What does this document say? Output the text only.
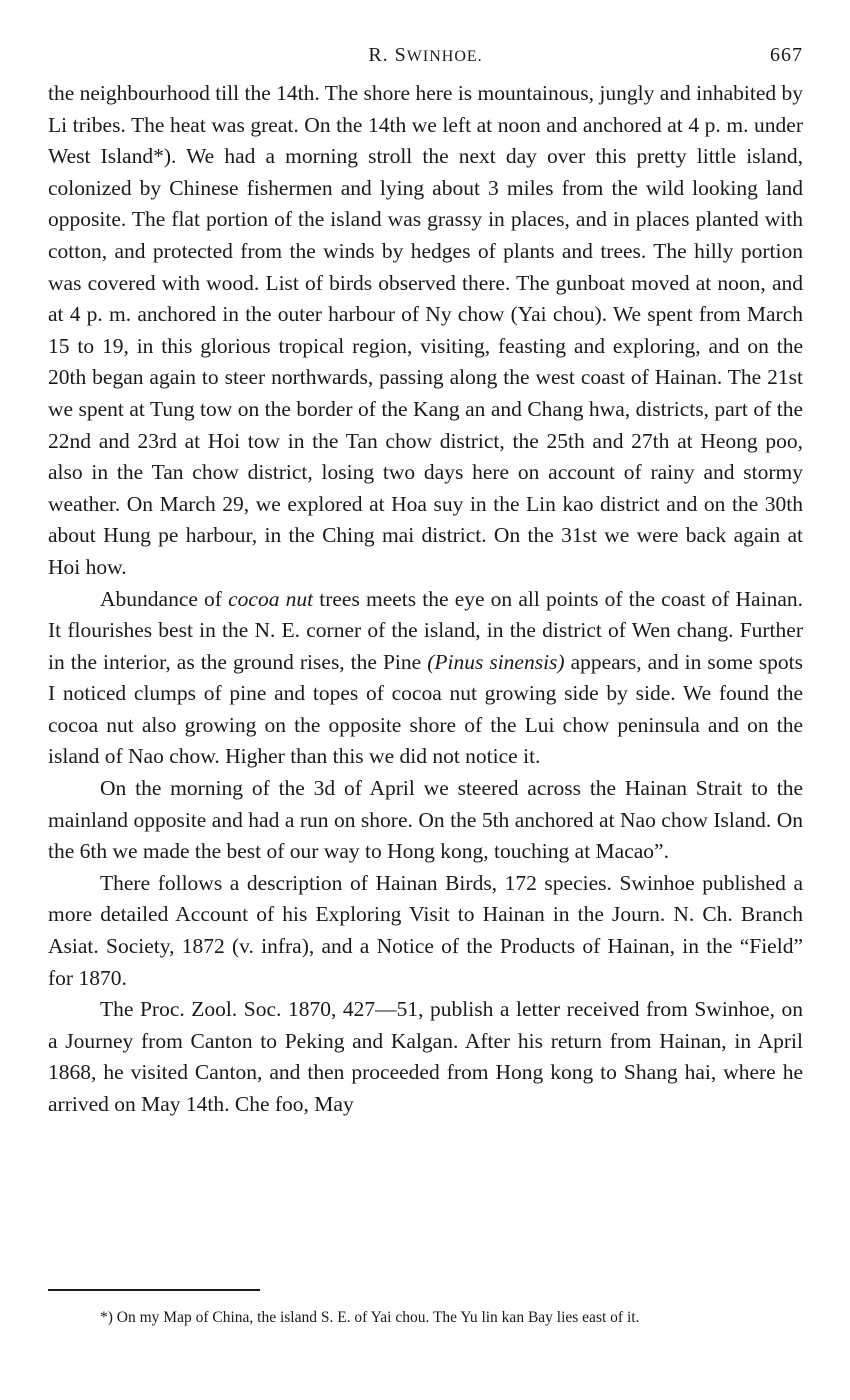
R. SWINHOE.	667

the neighbourhood till the 14th. The shore here is mountainous, jungly and inhabited by Li tribes. The heat was great. On the 14th we left at noon and anchored at 4 p. m. under West Island*). We had a morning stroll the next day over this pretty little island, colonized by Chinese fishermen and lying about 3 miles from the wild looking land opposite. The flat portion of the island was grassy in places, and in places planted with cotton, and protected from the winds by hedges of plants and trees. The hilly portion was covered with wood. List of birds observed there. The gunboat moved at noon, and at 4 p. m. anchored in the outer harbour of Ny chow (Yai chou). We spent from March 15 to 19, in this glorious tropical region, visiting, feasting and exploring, and on the 20th began again to steer northwards, passing along the west coast of Hainan. The 21st we spent at Tung tow on the border of the Kang an and Chang hwa, districts, part of the 22nd and 23rd at Hoi tow in the Tan chow district, the 25th and 27th at Heong poo, also in the Tan chow district, losing two days here on account of rainy and stormy weather. On March 29, we explored at Hoa suy in the Lin kao district and on the 30th about Hung pe harbour, in the Ching mai district. On the 31st we were back again at Hoi how.

Abundance of cocoa nut trees meets the eye on all points of the coast of Hainan. It flourishes best in the N. E. corner of the island, in the district of Wen chang. Further in the interior, as the ground rises, the Pine (Pinus sinensis) appears, and in some spots I noticed clumps of pine and topes of cocoa nut growing side by side. We found the cocoa nut also growing on the opposite shore of the Lui chow peninsula and on the island of Nao chow. Higher than this we did not notice it.

On the morning of the 3d of April we steered across the Hainan Strait to the mainland opposite and had a run on shore. On the 5th anchored at Nao chow Island. On the 6th we made the best of our way to Hong kong, touching at Macao”.

There follows a description of Hainan Birds, 172 species. Swinhoe published a more detailed Account of his Exploring Visit to Hainan in the Journ. N. Ch. Branch Asiat. Society, 1872 (v. infra), and a Notice of the Products of Hainan, in the “Field” for 1870.

The Proc. Zool. Soc. 1870, 427—51, publish a letter received from Swinhoe, on a Journey from Canton to Peking and Kalgan. After his return from Hainan, in April 1868, he visited Canton, and then proceeded from Hong kong to Shang hai, where he arrived on May 14th. Che foo, May

*) On my Map of China, the island S. E. of Yai chou. The Yu lin kan Bay lies east of it.
